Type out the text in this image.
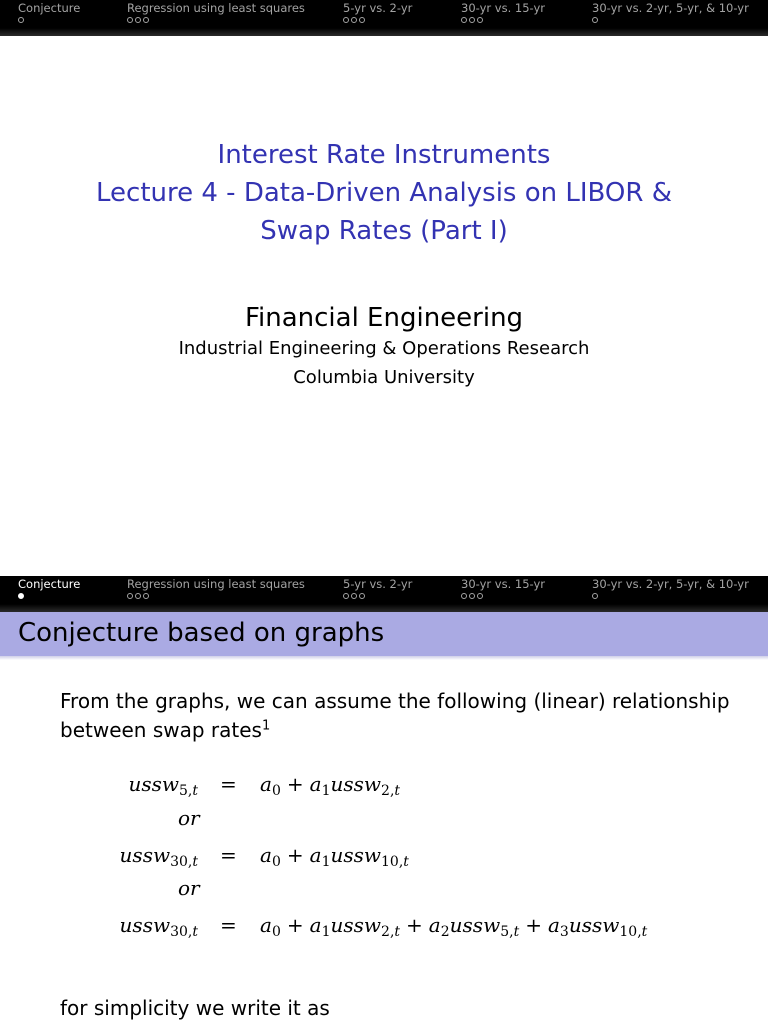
Conjecture	Regression using least squares	5-yr vs. 2-yr	30-yr vs. 15-yr	30-yr vs. 2-yr, 5-yr, & 10-yr
Interest Rate Instruments
Lecture 4 - Data-Driven Analysis on LIBOR &
Swap Rates (Part I)
Financial Engineering
Industrial Engineering & Operations Research
Columbia University
Conjecture	Regression using least squares	5-yr vs. 2-yr	30-yr vs. 15-yr	30-yr vs. 2-yr, 5-yr, & 10-yr
Conjecture based on graphs
From the graphs, we can assume the following (linear) relationship
between swap rates$^1$
ussw$_{5,t}$ = $a_0$ + $a_1ussw_{2,t}$
or
ussw$_{30,t}$ = $a_0$ + $a_1ussw_{10,t}$
or
ussw$_{30,t}$ = $a_0$ + $a_1ussw_{2,t}$ + $a_2ussw_{5,t}$ + $a_3ussw_{10,t}$
for simplicity we write it as
